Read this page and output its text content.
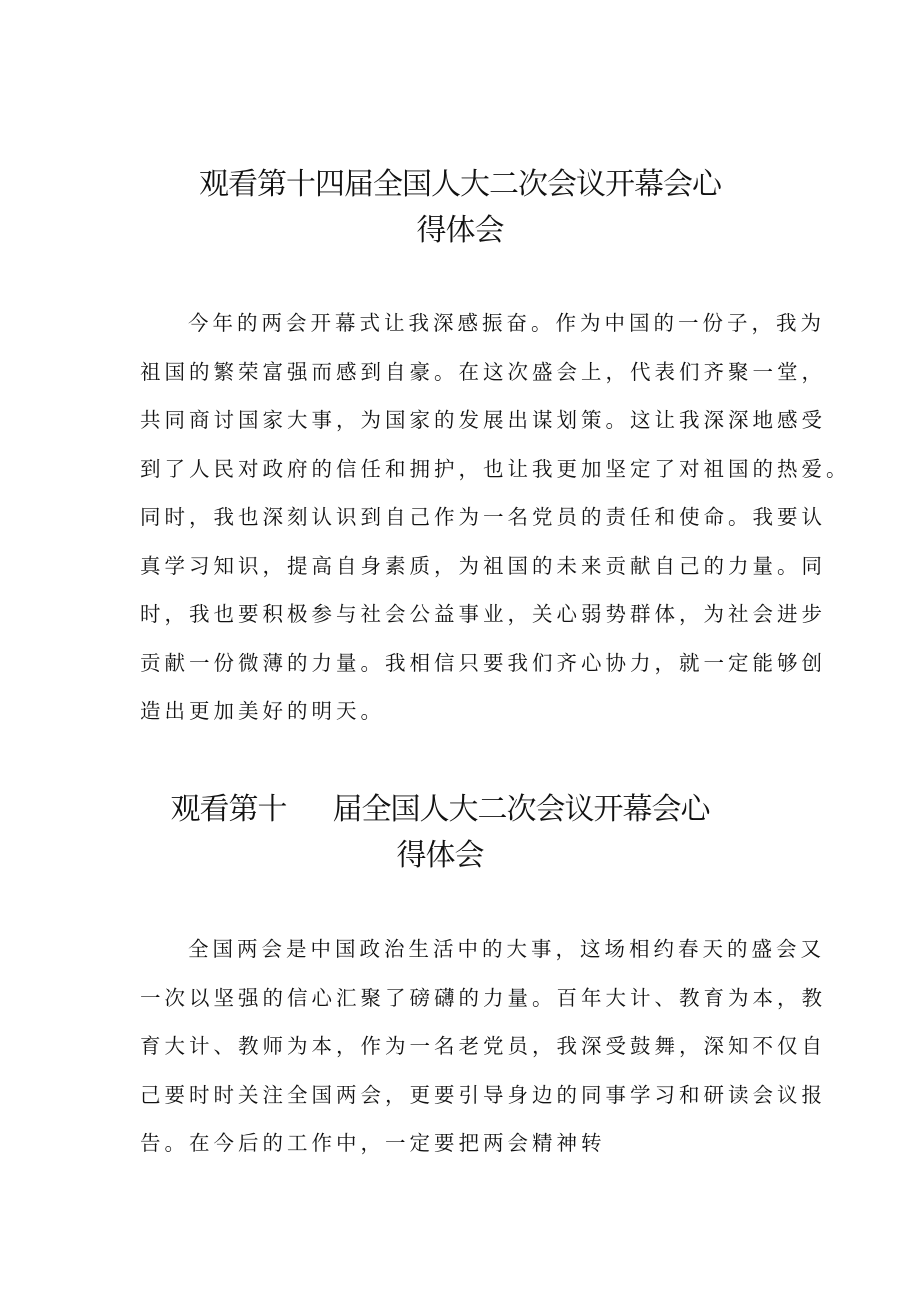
观看第十四届全国人大二次会议开幕会心
得体会
今年的两会开幕式让我深感振奋。作为中国的一份子，我为
祖国的繁荣富强而感到自豪。在这次盛会上，代表们齐聚一堂，
共同商讨国家大事，为国家的发展出谋划策。这让我深深地感受
到了人民对政府的信任和拥护，也让我更加坚定了对祖国的热爱。
同时，我也深刻认识到自己作为一名党员的责任和使命。我要认
真学习知识，提高自身素质，为祖国的未来贡献自己的力量。同
时，我也要积极参与社会公益事业，关心弱势群体，为社会进步
贡献一份微薄的力量。我相信只要我们齐心协力，就一定能够创
造出更加美好的明天。
观看第十 届全国人大二次会议开幕会心
得体会
全国两会是中国政治生活中的大事，这场相约春天的盛会又
一次以坚强的信心汇聚了磅礴的力量。百年大计、教育为本，教
育大计、教师为本，作为一名老党员，我深受鼓舞，深知不仅自
己要时时关注全国两会，更要引导身边的同事学习和研读会议报
告。在今后的工作中，一定要把两会精神转
